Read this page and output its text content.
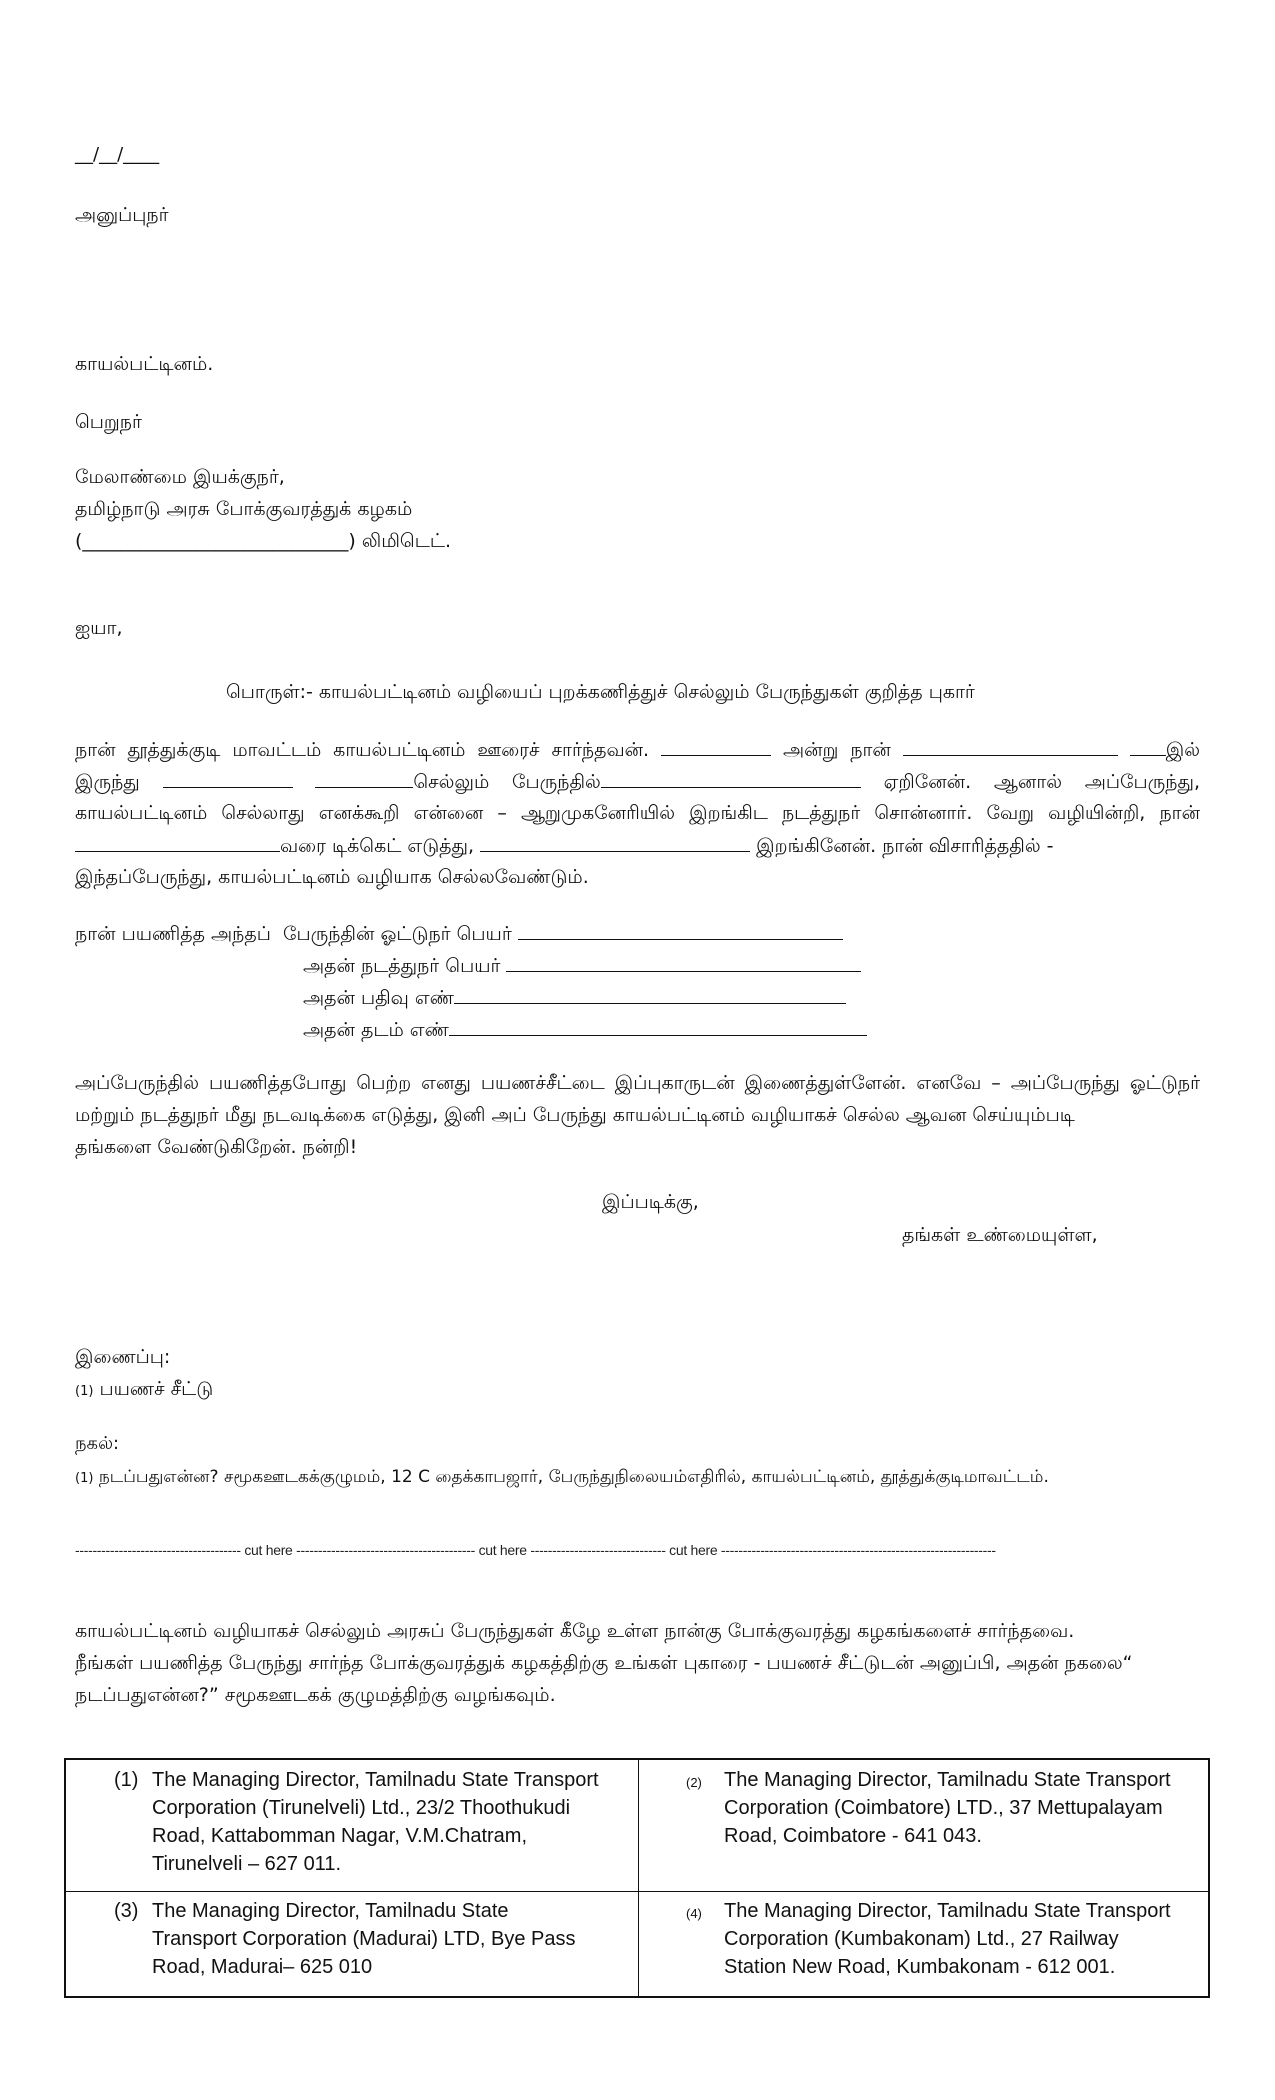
__/__/____
அனுப்புநர்
காயல்பட்டினம்.
பெறுநர்
மேலாண்மை இயக்குநர்,
தமிழ்நாடு அரசு போக்குவரத்துக் கழகம்
(____________________________) லிமிடெட்.
ஐயா,
பொருள்:- காயல்பட்டினம் வழியைப் புறக்கணித்துச் செல்லும் பேருந்துகள் குறித்த புகார்
நான் தூத்துக்குடி மாவட்டம் காயல்பட்டினம் ஊரைச் சார்ந்தவன்.	அன்று நான்	இல்
இருந்து	செல்லும் பேருந்தில்	ஏறினேன். ஆனால் அப்பேருந்து,
காயல்பட்டினம் செல்லாது எனக்கூறி என்னை – ஆறுமுகனேரியில் இறங்கிட நடத்துநர் சொன்னார். வேறு வழியின்றி, நான்
வரை டிக்கெட் எடுத்து,	இறங்கினேன். நான் விசாரித்ததில் -
இந்தப்பேருந்து, காயல்பட்டினம் வழியாக செல்லவேண்டும்.
நான் பயணித்த அந்தப் பேருந்தின் ஓட்டுநர் பெயர்
அதன் நடத்துநர் பெயர்
அதன் பதிவு எண்
அதன் தடம் எண்
அப்பேருந்தில் பயணித்தபோது பெற்ற எனது பயணச்சீட்டை இப்புகாருடன் இணைத்துள்ளேன். எனவே – அப்பேருந்து ஓட்டுநர்
மற்றும் நடத்துநர் மீது நடவடிக்கை எடுத்து, இனி அப் பேருந்து காயல்பட்டினம் வழியாகச் செல்ல ஆவன செய்யும்படி
தங்களை வேண்டுகிறேன். நன்றி!
இப்படிக்கு,
தங்கள் உண்மையுள்ள,
இணைப்பு:
(1) பயணச் சீட்டு
நகல்:
(1) நடப்பதுஎன்ன? சமூகஊடகக்குழுமம், 12 C தைக்காபஜார், பேருந்துநிலையம்எதிரில், காயல்பட்டினம், தூத்துக்குடிமாவட்டம்.
-------------------------------------- cut here ----------------------------------------- cut here ------------------------------- cut here ---------------------------------------------------------------
காயல்பட்டினம் வழியாகச் செல்லும் அரசுப் பேருந்துகள் கீழே உள்ள நான்கு போக்குவரத்து கழகங்களைச் சார்ந்தவை.
நீங்கள் பயணித்த பேருந்து சார்ந்த போக்குவரத்துக் கழகத்திற்கு உங்கள் புகாரை - பயணச் சீட்டுடன் அனுப்பி, அதன் நகலை“
நடப்பதுஎன்ன?” சமூகஊடகக் குழுமத்திற்கு வழங்கவும்.
(1) The Managing Director, Tamilnadu State Transport
Corporation (Tirunelveli) Ltd., 23/2 Thoothukudi
Road, Kattabomman Nagar, V.M.Chatram,
Tirunelveli – 627 011.
(2) The Managing Director, Tamilnadu State Transport
Corporation (Coimbatore) LTD., 37 Mettupalayam
Road, Coimbatore - 641 043.
(3) The Managing Director, Tamilnadu State
Transport Corporation (Madurai) LTD, Bye Pass
Road, Madurai– 625 010
(4) The Managing Director, Tamilnadu State Transport
Corporation (Kumbakonam) Ltd., 27 Railway
Station New Road, Kumbakonam - 612 001.
